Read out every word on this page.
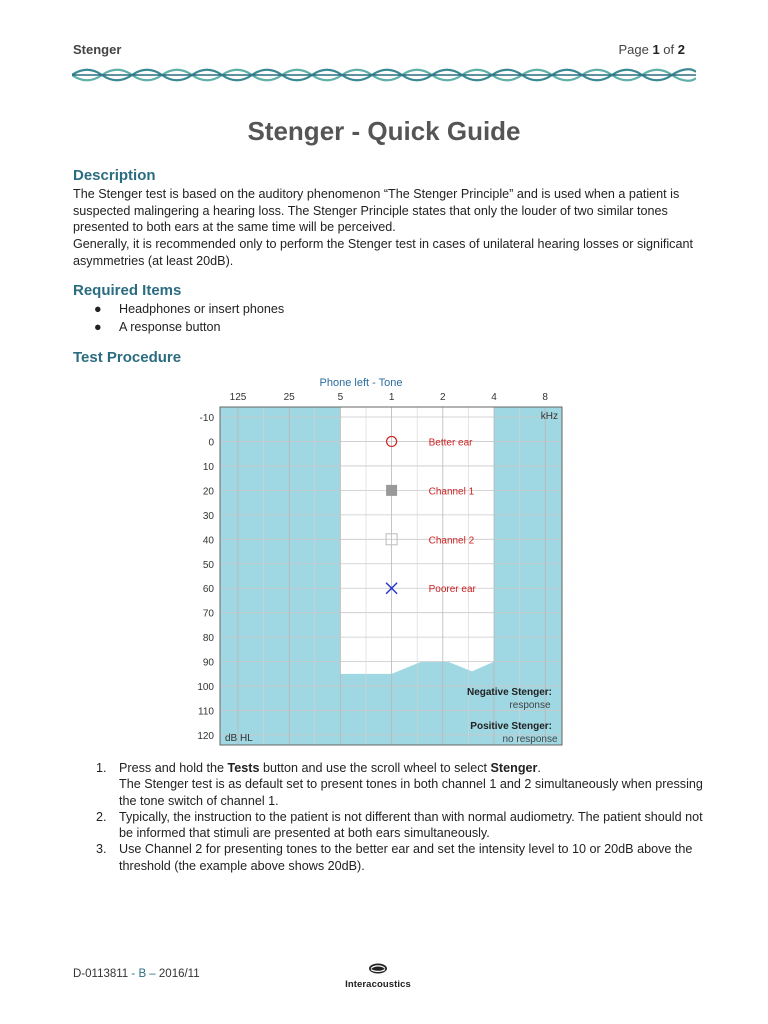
Stenger	Page 1 of 2
Stenger - Quick Guide
Description
The Stenger test is based on the auditory phenomenon “The Stenger Principle” and is used when a patient is suspected malingering a hearing loss. The Stenger Principle states that only the louder of two similar tones presented to both ears at the same time will be perceived.
Generally, it is recommended only to perform the Stenger test in cases of unilateral hearing losses or significant asymmetries (at least 20dB).
Required Items
● Headphones or insert phones
● A response button
Test Procedure
Phone left - Tone
-10
0
10
20
30
40
50
60
70
80
90
100
110
120
125	25	5	1	2	4	8
kHz
dB HL
Better ear
Channel 1
Channel 2
Poorer ear
Negative Stenger:
response
Positive Stenger:
no response
1. Press and hold the Tests button and use the scroll wheel to select Stenger.
The Stenger test is as default set to present tones in both channel 1 and 2 simultaneously when pressing the tone switch of channel 1.
2. Typically, the instruction to the patient is not different than with normal audiometry. The patient should not be informed that stimuli are presented at both ears simultaneously.
3. Use Channel 2 for presenting tones to the better ear and set the intensity level to 10 or 20dB above the threshold (the example above shows 20dB).
D-0113811 - B – 2016/11
Interacoustics
